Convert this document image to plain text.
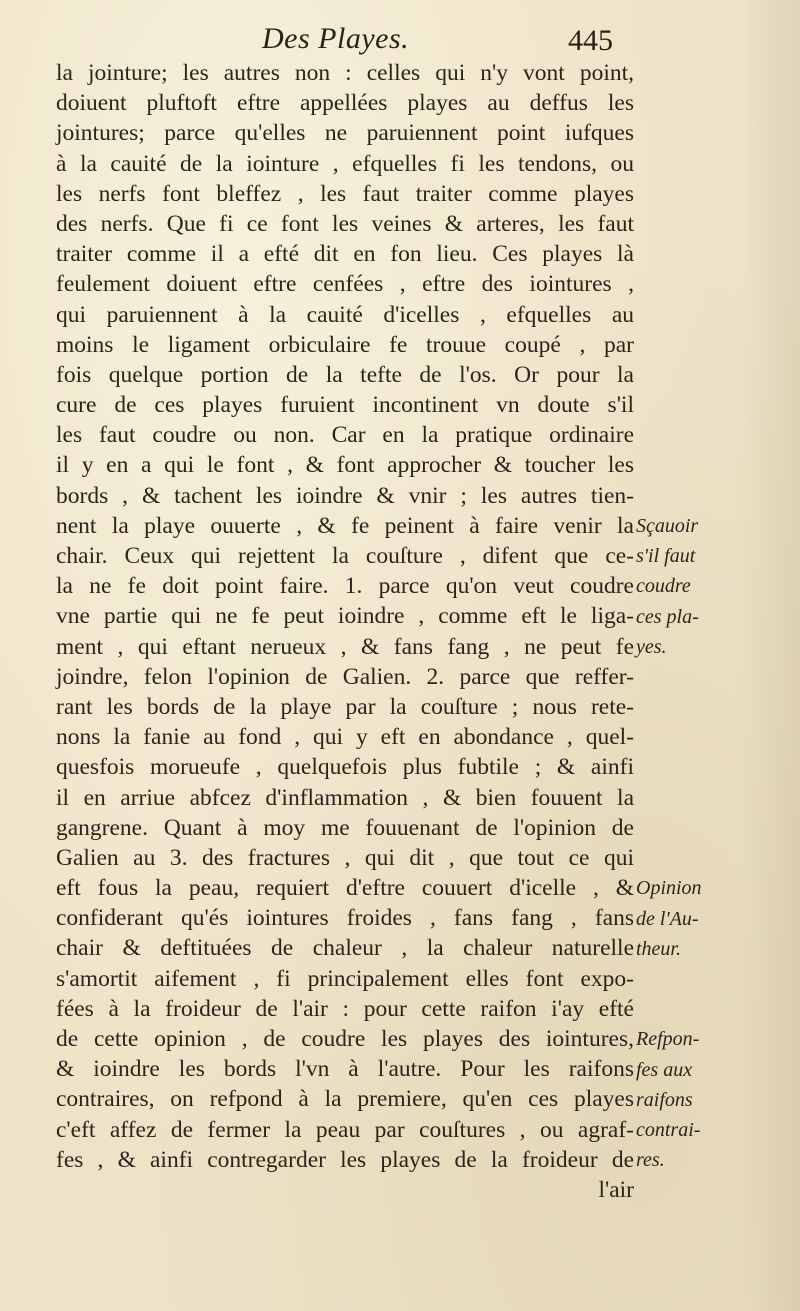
Des Playes.	445
la jointure; les autres non : celles qui n'y vont point,
doiuent pluftoft eftre appellées playes au deffus les
jointures; parce qu'elles ne paruiennent point iufques
à la cauité de la iointure , efquelles fi les tendons, ou
les nerfs font bleffez , les faut traiter comme playes
des nerfs. Que fi ce font les veines & arteres, les faut
traiter comme il a efté dit en fon lieu. Ces playes là
feulement doiuent eftre cenfées , eftre des iointures ,
qui paruiennent à la cauité d'icelles , efquelles au
moins le ligament orbiculaire fe trouue coupé , par
fois quelque portion de la tefte de l'os. Or pour la
cure de ces playes furuient incontinent vn doute s'il
les faut coudre ou non. Car en la pratique ordinaire
il y en a qui le font , & font approcher & toucher les
bords , & tachent les ioindre & vnir ; les autres tien-
nent la playe ouuerte , & fe peinent à faire venir la
chair. Ceux qui rejettent la couſture , difent que ce-
la ne fe doit point faire. 1. parce qu'on veut coudre
vne partie qui ne fe peut ioindre , comme eft le liga-
ment , qui eftant nerueux , & fans fang , ne peut fe
joindre, felon l'opinion de Galien. 2. parce que reffer-
rant les bords de la playe par la couſture ; nous rete-
nons la fanie au fond , qui y eft en abondance , quel-
quesfois morueufe , quelquefois plus fubtile ; & ainfi
il en arriue abfcez d'inflammation , & bien fouuent la
gangrene. Quant à moy me fouuenant de l'opinion de
Galien au 3. des fractures , qui dit , que tout ce qui
eft fous la peau, requiert d'eftre couuert d'icelle , &
confiderant qu'és iointures froides , fans fang , fans
chair & deftituées de chaleur , la chaleur naturelle
s'amortit aifement , fi principalement elles font expo-
fées à la froideur de l'air : pour cette raifon i'ay efté
de cette opinion , de coudre les playes des iointures,
& ioindre les bords l'vn à l'autre. Pour les raifons
contraires, on refpond à la premiere, qu'en ces playes
c'eft affez de fermer la peau par couſtures , ou agraf-
fes , & ainfi contregarder les playes de la froideur de
l'air
Sçauoir
s'il faut
coudre
ces pla-
yes.
Opinion
de l'Au-
theur.
Refpon-
fes aux
raifons
contrai-
res.
